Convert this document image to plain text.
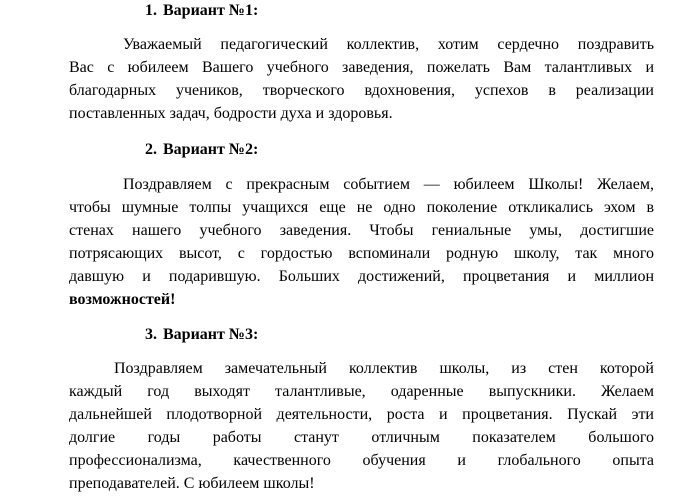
1. Вариант №1:
Уважаемый педагогический коллектив, хотим сердечно поздравить
Вас с юбилеем Вашего учебного заведения, пожелать Вам талантливых и
благодарных учеников, творческого вдохновения, успехов в реализации
поставленных задач, бодрости духа и здоровья.
2. Вариант №2:
Поздравляем с прекрасным событием — юбилеем Школы! Желаем,
чтобы шумные толпы учащихся еще не одно поколение откликались эхом в
стенах нашего учебного заведения. Чтобы гениальные умы, достигшие
потрясающих высот, с гордостью вспоминали родную школу, так много
давшую и подарившую. Больших достижений, процветания и миллион
возможностей!
3. Вариант №3:
Поздравляем замечательный коллектив школы, из стен которой
каждый год выходят талантливые, одаренные выпускники. Желаем
дальнейшей плодотворной деятельности, роста и процветания. Пускай эти
долгие годы работы станут отличным показателем большого
профессионализма, качественного обучения и глобального опыта
преподавателей. С юбилеем школы!
